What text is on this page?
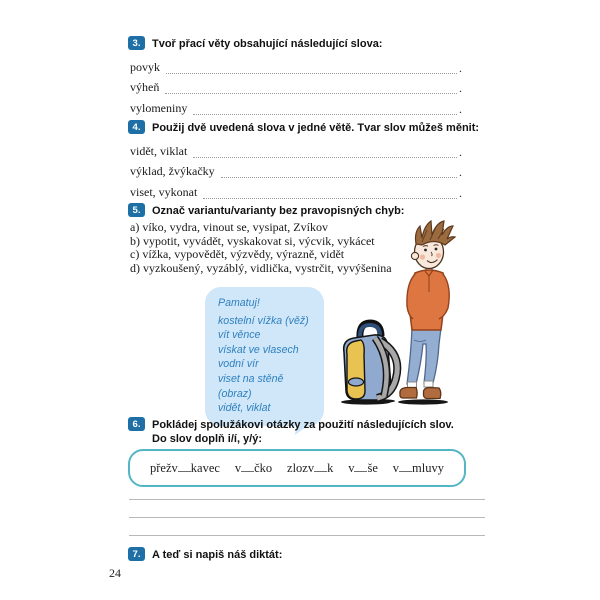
3.	Tvoř přací věty obsahující následující slova:
povyk	.
výheň	.
vylomeniny	.
4.	Použij dvě uvedená slova v jedné větě. Tvar slov můžeš měnit:
vidět, viklat	.
výklad, žvýkačky	.
viset, vykonat	.
5.	Označ variantu/varianty bez pravopisných chyb:
a) víko, vydra, vinout se, vysipat, Zvíkov
b) vypotit, vyvádět, vyskakovat si, výcvik, vykácet
c) vížka, vypovědět, výzvědy, výrazně, vidět
d) vyzkoušený, vyzáblý, vidlička, vystrčit, vyvýšenina
Pamatuj!
kostelní vížka (věž)
vít věnce
vískat ve vlasech
vodní vír
viset na stěně (obraz)
vidět, viklat
6.	Pokládej spolužákovi otázky za použití následujících slov.
Do slov doplň i/í, y/ý:
přežv kavec v čko zlozv k v še v mluvy
7.	A teď si napiš náš diktát:
24
